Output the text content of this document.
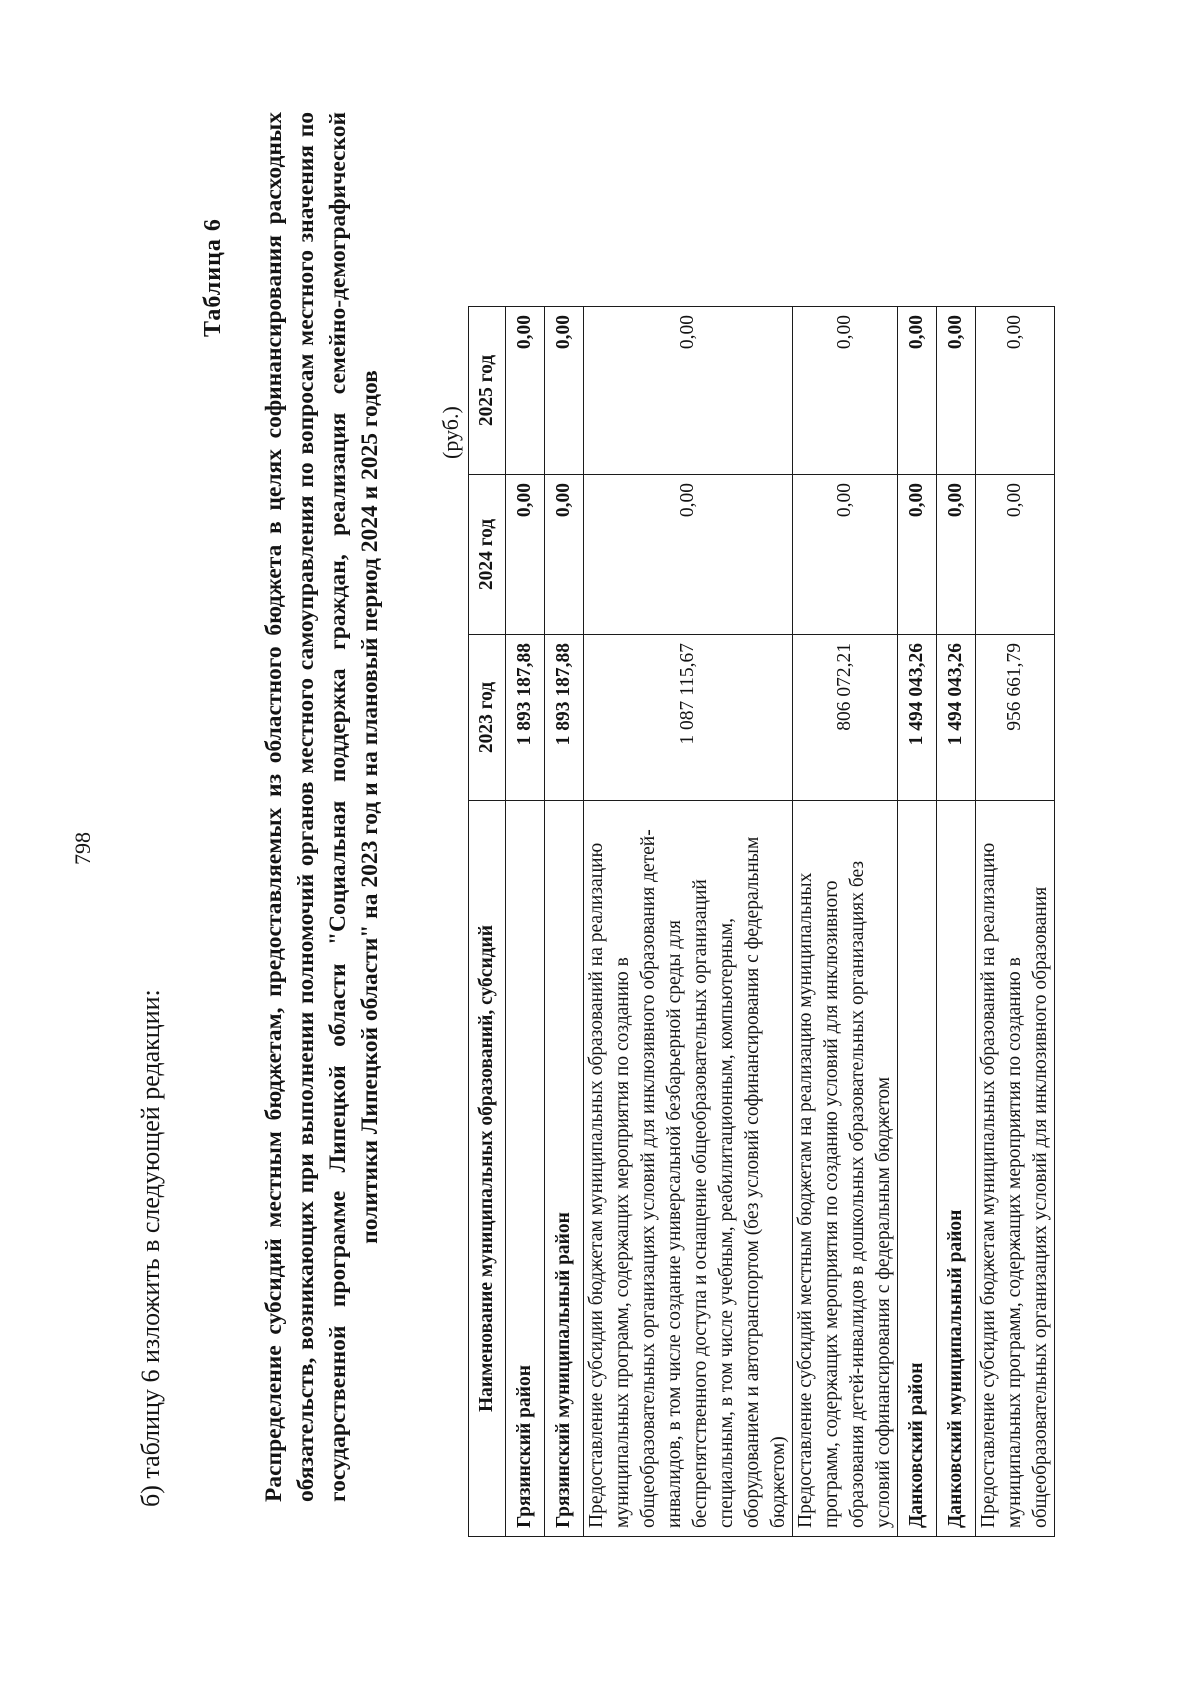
798
б) таблицу 6 изложить в следующей редакции:
Таблица 6 Распределение субсидий местным бюджетам, предоставляемых из областного бюджета в целях софинансирования расходных обязательств, возникающих при выполнении полномочий органов местного самоуправления по вопросам местного значения по государственной программе Липецкой области "Социальная поддержка граждан, реализация семейно-демографической политики Липецкой области" на 2023 год и на плановый период 2024 и 2025 годов	(руб.)
Наименование муниципальных образований, субсидий	2023 год	2024 год	2025 год
Грязинский район	1 893 187,88	0,00	0,00
Грязинский муниципальный район	1 893 187,88	0,00	0,00
Предоставление субсидии бюджетам муниципальных образований на реализацию муниципальных программ, содержащих мероприятия по созданию в общеобразовательных организациях условий для инклюзивного образования детей-инвалидов, в том числе создание универсальной безбарьерной среды для беспрепятственного доступа и оснащение общеобразовательных организаций специальным, в том числе учебным, реабилитационным, компьютерным, оборудованием и автотранспортом (без условий софинансирования с федеральным бюджетом)	1 087 115,67	0,00	0,00
Предоставление субсидий местным бюджетам на реализацию муниципальных программ, содержащих мероприятия по созданию условий для инклюзивного образования детей-инвалидов в дошкольных образовательных организациях без условий софинансирования с федеральным бюджетом	806 072,21	0,00	0,00
Данковский район	1 494 043,26	0,00	0,00
Данковский муниципальный район	1 494 043,26	0,00	0,00
Предоставление субсидии бюджетам муниципальных образований на реализацию муниципальных программ, содержащих мероприятия по созданию в общеобразовательных организациях условий для инклюзивного образования	956 661,79	0,00	0,00
